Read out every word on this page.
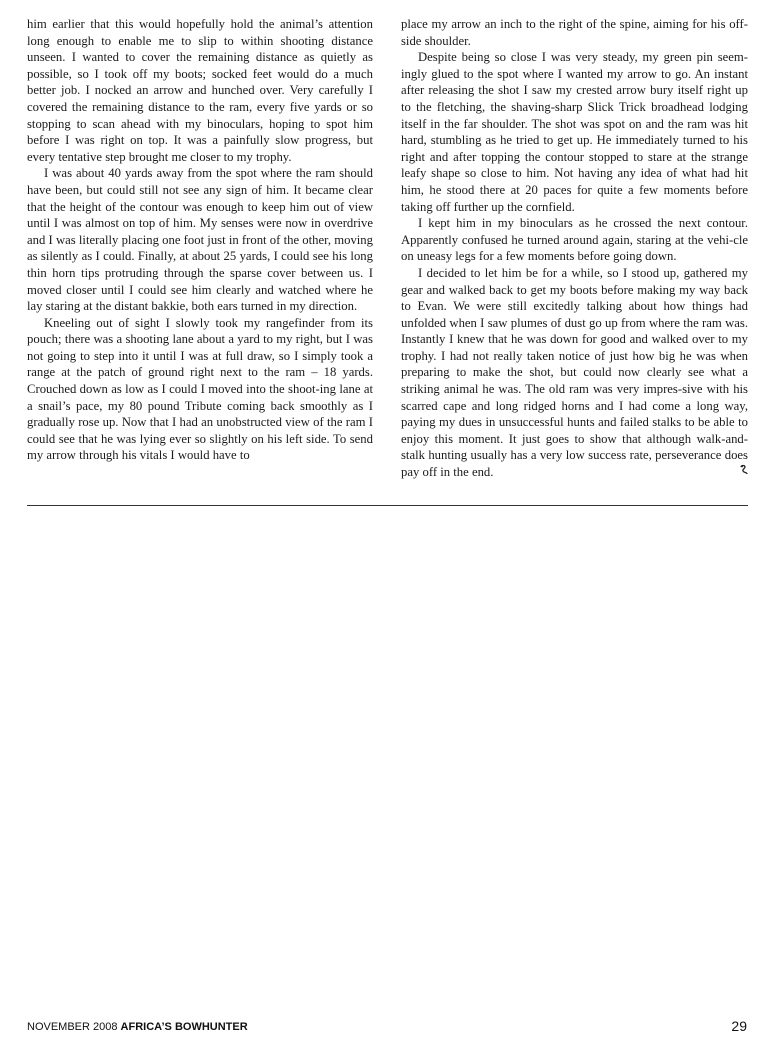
him earlier that this would hopefully hold the animal’s attention long enough to enable me to slip to within shooting distance unseen. I wanted to cover the remaining distance as quietly as possible, so I took off my boots; socked feet would do a much better job. I nocked an arrow and hunched over. Very carefully I covered the remaining distance to the ram, every five yards or so stopping to scan ahead with my binoculars, hoping to spot him before I was right on top. It was a painfully slow progress, but every tentative step brought me closer to my trophy.

I was about 40 yards away from the spot where the ram should have been, but could still not see any sign of him. It became clear that the height of the contour was enough to keep him out of view until I was almost on top of him. My senses were now in overdrive and I was literally placing one foot just in front of the other, moving as silently as I could. Finally, at about 25 yards, I could see his long thin horn tips protruding through the sparse cover between us. I moved closer until I could see him clearly and watched where he lay staring at the distant bakkie, both ears turned in my direction.

Kneeling out of sight I slowly took my rangefinder from its pouch; there was a shooting lane about a yard to my right, but I was not going to step into it until I was at full draw, so I simply took a range at the patch of ground right next to the ram – 18 yards. Crouched down as low as I could I moved into the shoot-ing lane at a snail’s pace, my 80 pound Tribute coming back smoothly as I gradually rose up. Now that I had an unobstructed view of the ram I could see that he was lying ever so slightly on his left side. To send my arrow through his vitals I would have to

place my arrow an inch to the right of the spine, aiming for his off-side shoulder.

Despite being so close I was very steady, my green pin seem-ingly glued to the spot where I wanted my arrow to go. An instant after releasing the shot I saw my crested arrow bury itself right up to the fletching, the shaving-sharp Slick Trick broadhead lodging itself in the far shoulder. The shot was spot on and the ram was hit hard, stumbling as he tried to get up. He immediately turned to his right and after topping the contour stopped to stare at the strange leafy shape so close to him. Not having any idea of what had hit him, he stood there at 20 paces for quite a few moments before taking off further up the cornfield.

I kept him in my binoculars as he crossed the next contour. Apparently confused he turned around again, staring at the vehi-cle on uneasy legs for a few moments before going down.

I decided to let him be for a while, so I stood up, gathered my gear and walked back to get my boots before making my way back to Evan. We were still excitedly talking about how things had unfolded when I saw plumes of dust go up from where the ram was. Instantly I knew that he was down for good and walked over to my trophy. I had not really taken notice of just how big he was when preparing to make the shot, but could now clearly see what a striking animal he was. The old ram was very impres-sive with his scarred cape and long ridged horns and I had come a long way, paying my dues in unsuccessful hunts and failed stalks to be able to enjoy this moment. It just goes to show that although walk-and-stalk hunting usually has a very low success rate, perseverance does pay off in the end.

NOVEMBER 2008 AFRICA’S BOWHUNTER	29
